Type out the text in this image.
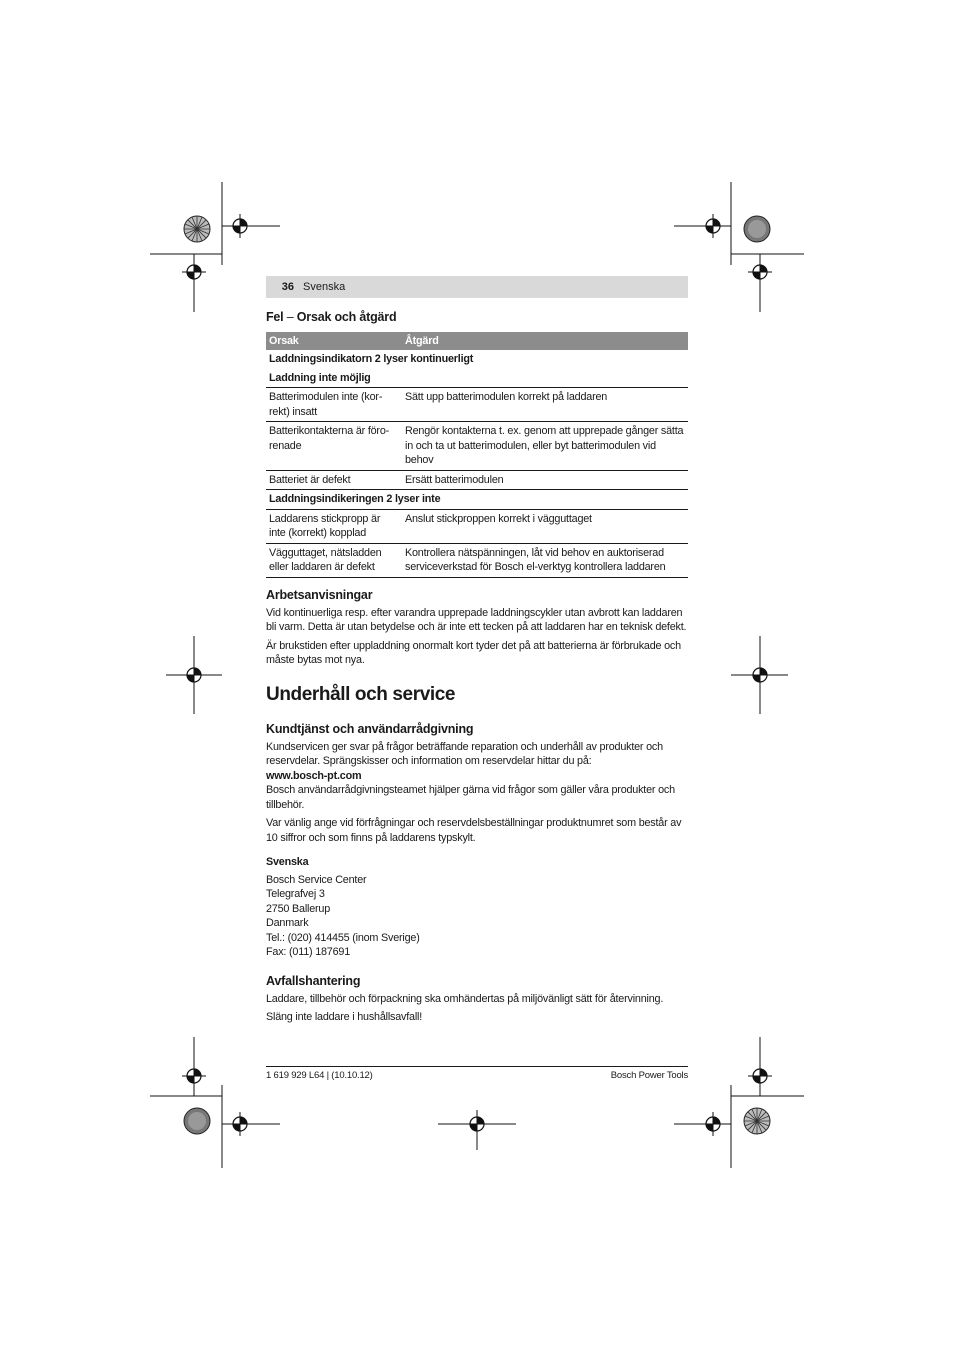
36 Svenska
Fel – Orsak och åtgärd
Orsak	Åtgärd
Laddningsindikatorn 2 lyser kontinuerligt	
Laddning inte möjlig	
Batterimodulen inte (kor-rekt) insatt	Sätt upp batterimodulen korrekt på laddaren
Batterikontakterna är föro-renade	Rengör kontakterna t. ex. genom att upprepade gånger sätta in och ta ut batterimodulen, eller byt batterimodulen vid behov
Batteriet är defekt	Ersätt batterimodulen
Laddningsindikeringen 2 lyser inte	
Laddarens stickpropp är inte (korrekt) kopplad	Anslut stickproppen korrekt i vägguttaget
Vägguttaget, nätsladden eller laddaren är defekt	Kontrollera nätspänningen, låt vid behov en auktoriserad serviceverkstad för Bosch el-verktyg kontrollera laddaren
Arbetsanvisningar

Vid kontinuerliga resp. efter varandra upprepade laddningscykler utan avbrott kan laddaren bli varm. Detta är utan betydelse och är inte ett tecken på att laddaren har en teknisk defekt.

Är brukstiden efter uppladdning onormalt kort tyder det på att batterierna är förbrukade och måste bytas mot nya.

Underhåll och service
Kundtjänst och användarrådgivning

Kundservicen ger svar på frågor beträffande reparation och underhåll av produkter och reservdelar. Sprängskisser och information om reservdelar hittar du på:

www.bosch-pt.com

Bosch användarrådgivningsteamet hjälper gärna vid frågor som gäller våra produkter och tillbehör.

Var vänlig ange vid förfrågningar och reservdelsbeställningar produktnumret som består av 10 siffror och som finns på laddarens typskylt.

Svenska

Bosch Service Center

Telegrafvej 3

2750 Ballerup

Danmark

Tel.: (020) 414455 (inom Sverige)

Fax: (011) 187691

Avfallshantering

Laddare, tillbehör och förpackning ska omhändertas på miljövänligt sätt för återvinning.

Släng inte laddare i hushållsavfall!

1 619 929 L64 | (10.10.12)	Bosch Power Tools
